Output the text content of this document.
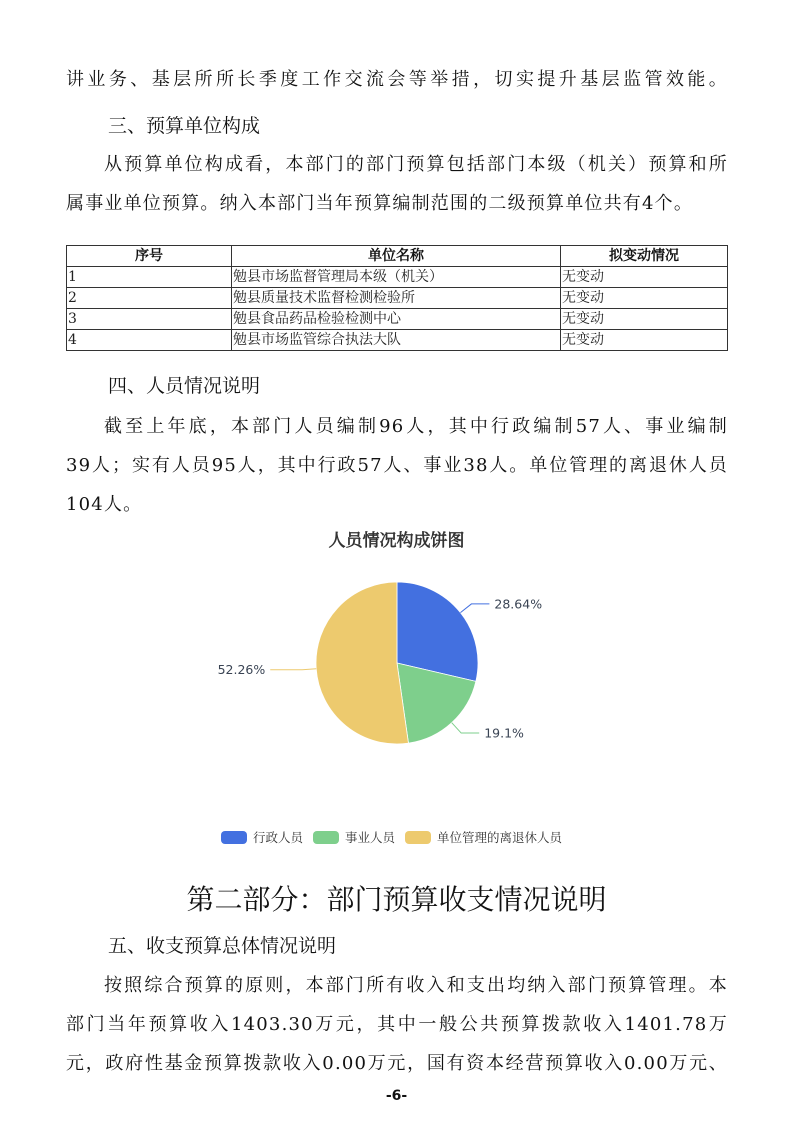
讲业务、基层所所长季度工作交流会等举措，切实提升基层监管效能。
三、预算单位构成
从预算单位构成看，本部门的部门预算包括部门本级（机关）预算和所
属事业单位预算。纳入本部门当年预算编制范围的二级预算单位共有4个。
序号	单位名称	拟变动情况
1	勉县市场监督管理局本级（机关）	无变动
2	勉县质量技术监督检测检验所	无变动
3	勉县食品药品检验检测中心	无变动
4	勉县市场监管综合执法大队	无变动
四、人员情况说明
截至上年底，本部门人员编制96人，其中行政编制57人、事业编制
39人；实有人员95人，其中行政57人、事业38人。单位管理的离退休人员
104人。
人员情况构成饼图
28.64%
19.1%
52.26%
行政人员	事业人员	单位管理的离退休人员
第二部分：部门预算收支情况说明
五、收支预算总体情况说明
按照综合预算的原则，本部门所有收入和支出均纳入部门预算管理。本
部门当年预算收入1403.30万元，其中一般公共预算拨款收入1401.78万
元，政府性基金预算拨款收入0.00万元，国有资本经营预算收入0.00万元、
-6-
